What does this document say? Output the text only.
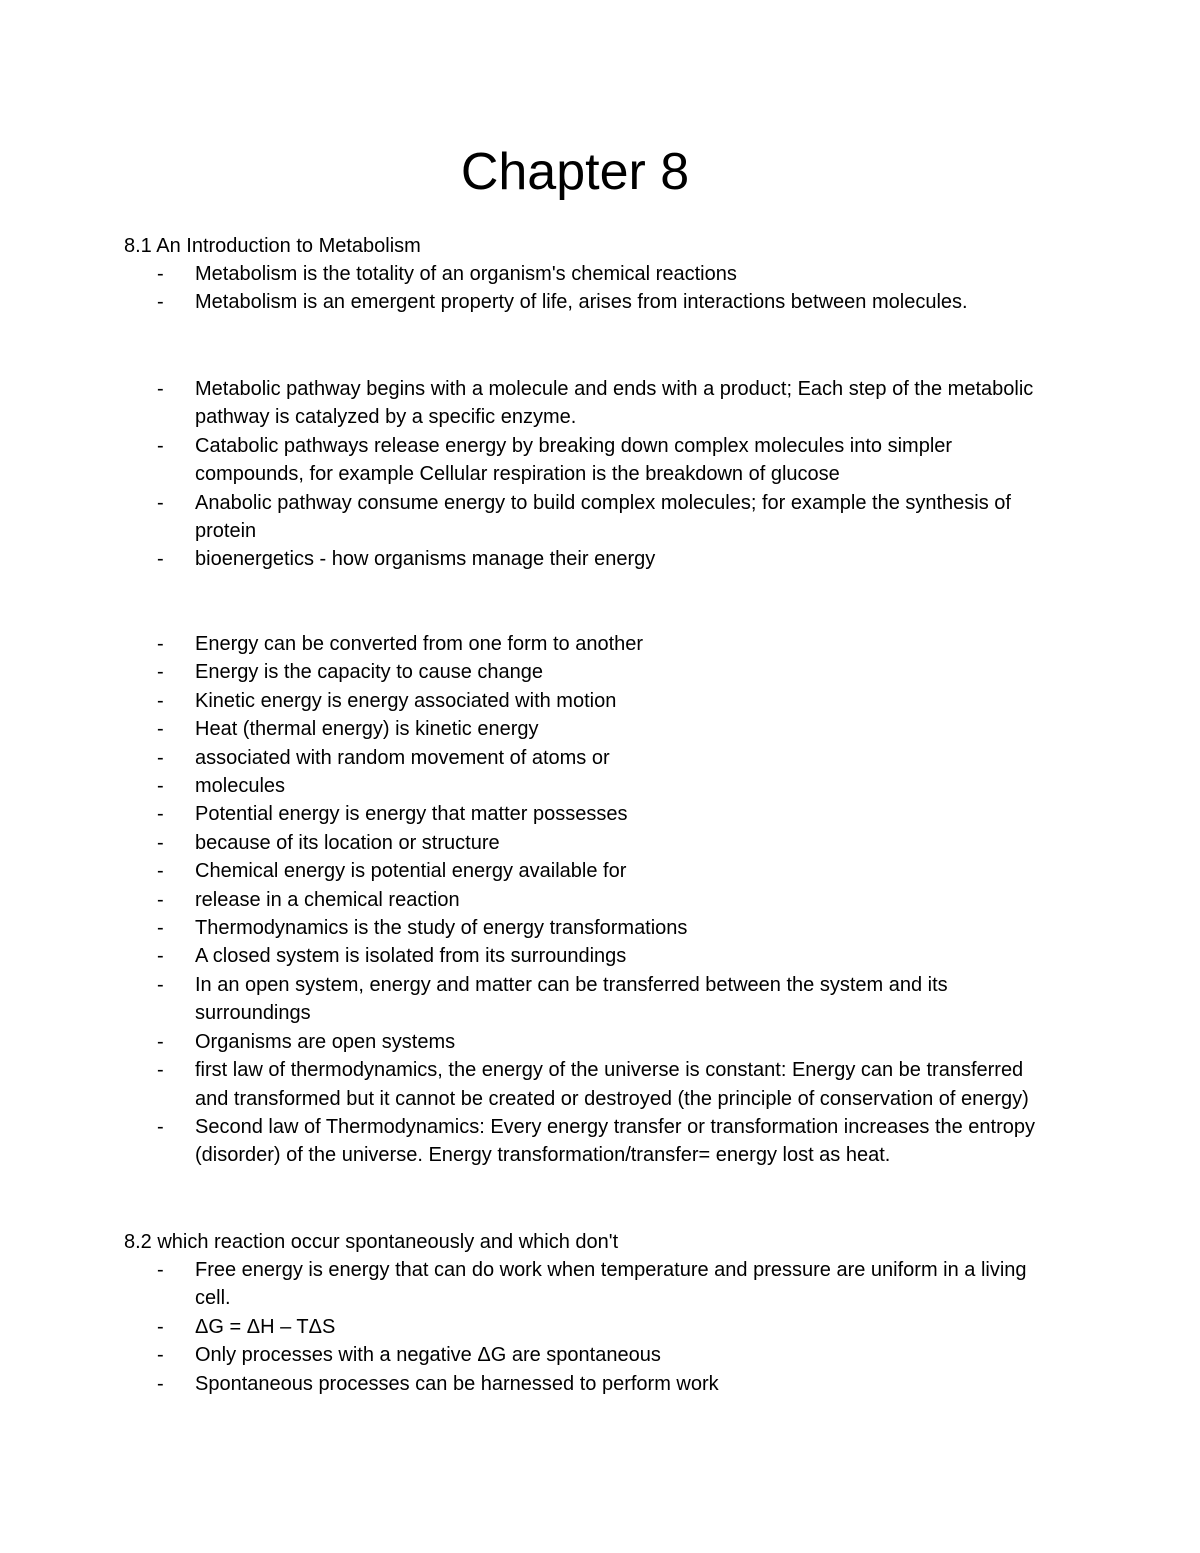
Chapter 8

8.1 An Introduction to Metabolism

- Metabolism is the totality of an organism's chemical reactions
- Metabolism is an emergent property of life, arises from interactions between molecules.
- Metabolic pathway begins with a molecule and ends with a product; Each step of the metabolic pathway is catalyzed by a specific enzyme.
- Catabolic pathways release energy by breaking down complex molecules into simpler compounds, for example Cellular respiration is the breakdown of glucose
- Anabolic pathway consume energy to build complex molecules; for example the synthesis of protein
- bioenergetics - how organisms manage their energy
- Energy can be converted from one form to another
- Energy is the capacity to cause change
- Kinetic energy is energy associated with motion
- Heat (thermal energy) is kinetic energy
- associated with random movement of atoms or
- molecules
- Potential energy is energy that matter possesses
- because of its location or structure
- Chemical energy is potential energy available for
- release in a chemical reaction
- Thermodynamics is the study of energy transformations
- A closed system is isolated from its surroundings
- In an open system, energy and matter can be transferred between the system and its surroundings
- Organisms are open systems
- first law of thermodynamics, the energy of the universe is constant: Energy can be transferred and transformed but it cannot be created or destroyed (the principle of conservation of energy)
- Second law of Thermodynamics: Every energy transfer or transformation increases the entropy (disorder) of the universe. Energy transformation/transfer= energy lost as heat.

8.2 which reaction occur spontaneously and which don't

- Free energy is energy that can do work when temperature and pressure are uniform in a living cell.
- ΔG = ΔH – TΔS
- Only processes with a negative ΔG are spontaneous
- Spontaneous processes can be harnessed to perform work
